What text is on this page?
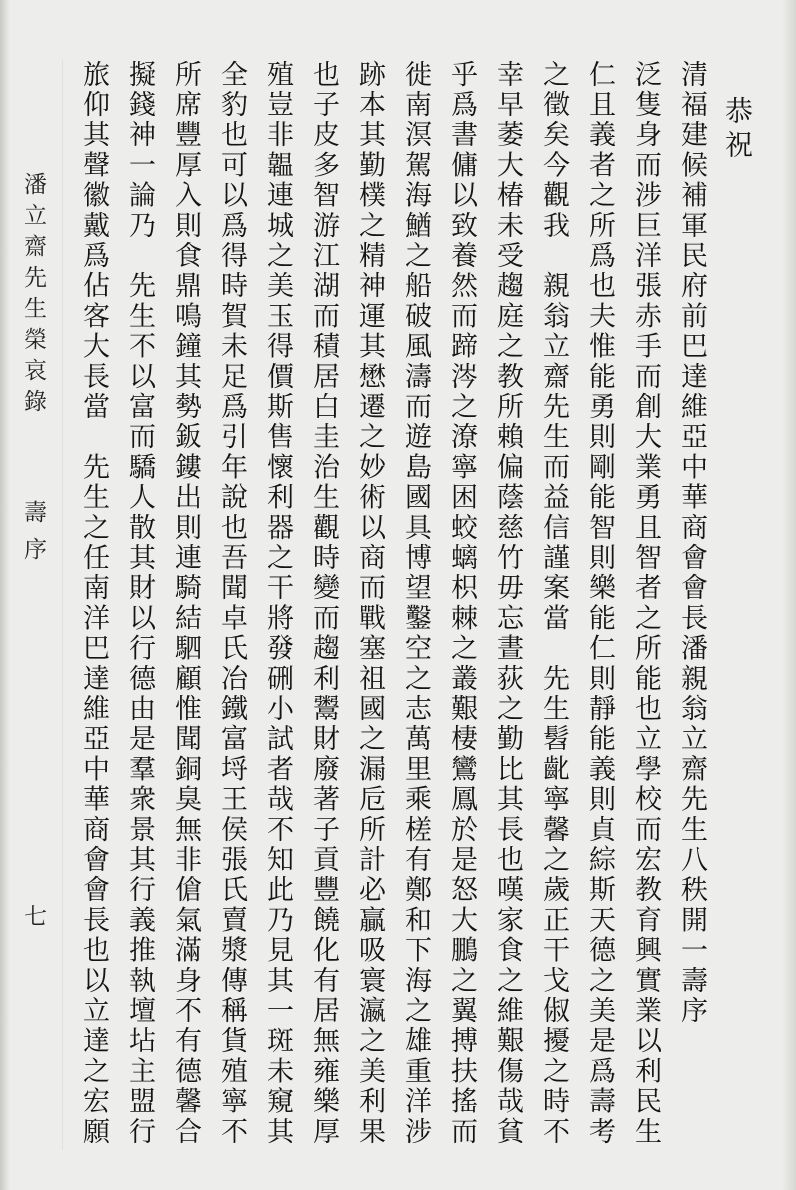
潘立齋先生榮哀錄
壽序
七
恭祝
清福建候補軍民府前巴達維亞中華商會會長潘親翁立齋先生八秩開一壽序
泛隻身而涉巨洋張赤手而創大業勇且智者之所能也立學校而宏教育興實業以利民生
仁且義者之所爲也夫惟能勇則剛能智則樂能仁則靜能義則貞綜斯天德之美是爲壽考
之徵矣今觀我　親翁立齋先生而益信謹案當　先生髫齔寧馨之歲正干戈俶擾之時不
幸早萎大椿未受趨庭之教所賴偏蔭慈竹毋忘晝荻之勤比其長也嘆家食之維艱傷哉貧
乎爲書傭以致養然而蹄涔之潦寧困蛟螭枳棘之叢艱棲鸞鳳於是怒大鵬之翼搏扶搖而
徙南溟駕海鰌之船破風濤而遊島國具博望鑿空之志萬里乘槎有鄭和下海之雄重洋涉
跡本其勤樸之精神運其懋遷之妙術以商而戰塞祖國之漏卮所計必贏吸寰瀛之美利果
也子皮多智游江湖而積居白圭治生觀時變而趨利鬻財廢著子貢豐饒化有居無雍樂厚
殖豈非韞連城之美玉得價斯售懷利器之干將發硎小試者哉不知此乃見其一斑未窺其
全豹也可以爲得時賀未足爲引年說也吾聞卓氏冶鐵富埒王侯張氏賣漿傳稱貨殖寧不
所席豐厚入則食鼎鳴鐘其勢鈑鏤出則連騎結駟顧惟聞銅臭無非傖氣滿身不有德馨合
擬錢神一論乃　先生不以富而驕人散其財以行德由是羣衆景其行義推執壇坫主盟行
旅仰其聲徽戴爲佔客大長當　先生之任南洋巴達維亞中華商會會長也以立達之宏願
